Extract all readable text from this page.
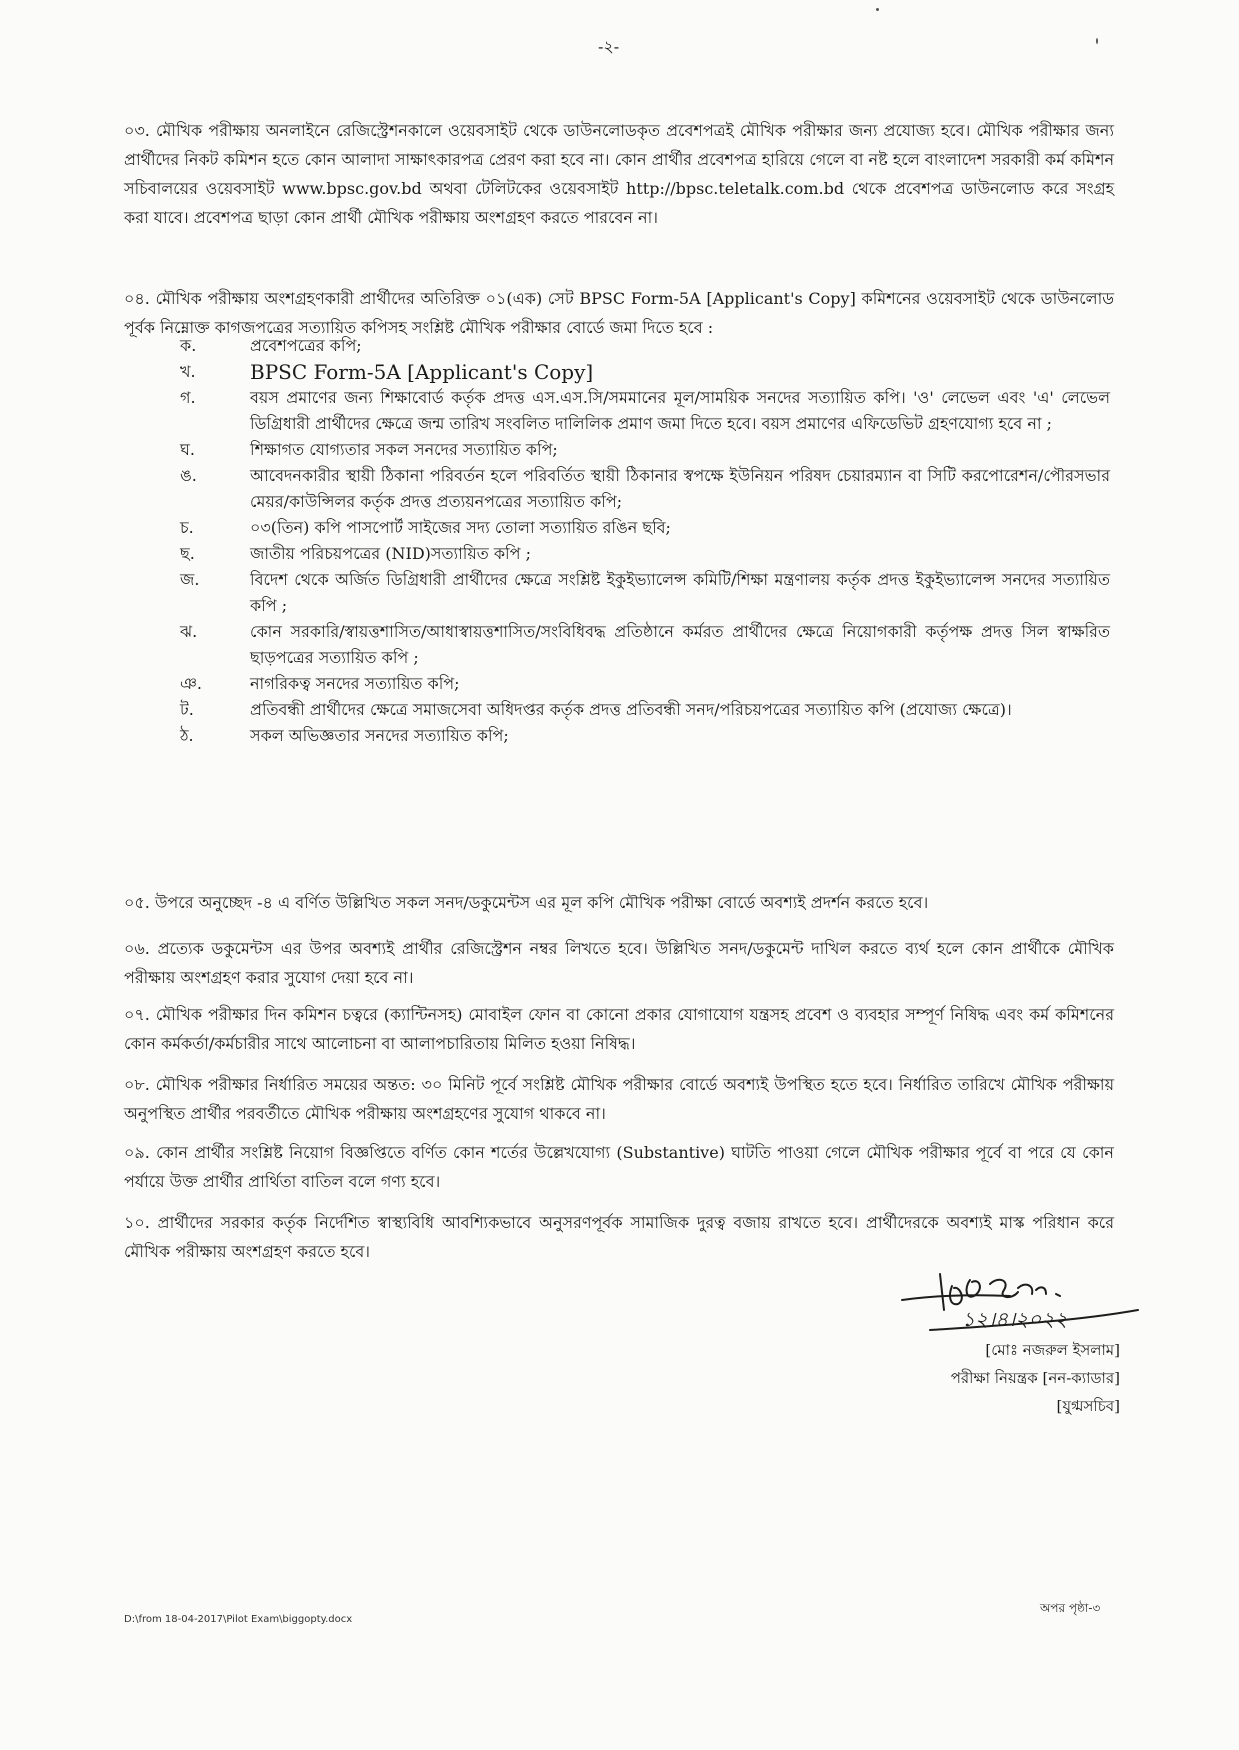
-২-

০৩. মৌখিক পরীক্ষায় অনলাইনে রেজিস্ট্রেশনকালে ওয়েবসাইট থেকে ডাউনলোডকৃত প্রবেশপত্রই মৌখিক পরীক্ষার জন্য প্রযোজ্য হবে। মৌখিক পরীক্ষার জন্য প্রার্থীদের নিকট কমিশন হতে কোন আলাদা সাক্ষাৎকারপত্র প্রেরণ করা হবে না। কোন প্রার্থীর প্রবেশপত্র হারিয়ে গেলে বা নষ্ট হলে বাংলাদেশ সরকারী কর্ম কমিশন সচিবালয়ের ওয়েবসাইট www.bpsc.gov.bd অথবা টেলিটকের ওয়েবসাইট http://bpsc.teletalk.com.bd থেকে প্রবেশপত্র ডাউনলোড করে সংগ্রহ করা যাবে। প্রবেশপত্র ছাড়া কোন প্রার্থী মৌখিক পরীক্ষায় অংশগ্রহণ করতে পারবেন না।

০৪. মৌখিক পরীক্ষায় অংশগ্রহণকারী প্রার্থীদের অতিরিক্ত ০১(এক) সেট BPSC Form-5A [Applicant's Copy] কমিশনের ওয়েবসাইট থেকে ডাউনলোড পূর্বক নিম্নোক্ত কাগজপত্রের সত্যায়িত কপিসহ সংশ্লিষ্ট মৌখিক পরীক্ষার বোর্ডে জমা দিতে হবে :

ক.	প্রবেশপত্রের কপি;
খ.	BPSC Form-5A [Applicant's Copy]
গ.	বয়স প্রমাণের জন্য শিক্ষাবোর্ড কর্তৃক প্রদত্ত এস.এস.সি/সমমানের মূল/সাময়িক সনদের সত্যায়িত কপি। 'ও' লেভেল এবং 'এ' লেভেল ডিগ্রিধারী প্রার্থীদের ক্ষেত্রে জন্ম তারিখ সংবলিত দালিলিক প্রমাণ জমা দিতে হবে। বয়স প্রমাণের এফিডেভিট গ্রহণযোগ্য হবে না ;
ঘ.	শিক্ষাগত যোগ্যতার সকল সনদের সত্যায়িত কপি;
ঙ.	আবেদনকারীর স্থায়ী ঠিকানা পরিবর্তন হলে পরিবর্তিত স্থায়ী ঠিকানার স্বপক্ষে ইউনিয়ন পরিষদ চেয়ারম্যান বা সিটি করপোরেশন/পৌরসভার মেয়র/কাউন্সিলর কর্তৃক প্রদত্ত প্রত্যয়নপত্রের সত্যায়িত কপি;
চ.	০৩(তিন) কপি পাসপোর্ট সাইজের সদ্য তোলা সত্যায়িত রঙিন ছবি;
ছ.	জাতীয় পরিচয়পত্রের (NID)সত্যায়িত কপি ;
জ.	বিদেশ থেকে অর্জিত ডিগ্রিধারী প্রার্থীদের ক্ষেত্রে সংশ্লিষ্ট ইকুইভ্যালেন্স কমিটি/শিক্ষা মন্ত্রণালয় কর্তৃক প্রদত্ত ইকুইভ্যালেন্স সনদের সত্যায়িত কপি ;
ঝ.	কোন সরকারি/স্বায়ত্তশাসিত/আধাস্বায়ত্তশাসিত/সংবিধিবদ্ধ প্রতিষ্ঠানে কর্মরত প্রার্থীদের ক্ষেত্রে নিয়োগকারী কর্তৃপক্ষ প্রদত্ত সিল স্বাক্ষরিত ছাড়পত্রের সত্যায়িত কপি ;
ঞ.	নাগরিকত্ব সনদের সত্যায়িত কপি;
ট.	প্রতিবন্ধী প্রার্থীদের ক্ষেত্রে সমাজসেবা অধিদপ্তর কর্তৃক প্রদত্ত প্রতিবন্ধী সনদ/পরিচয়পত্রের সত্যায়িত কপি (প্রযোজ্য ক্ষেত্রে)।
ঠ.	সকল অভিজ্ঞতার সনদের সত্যায়িত কপি;

০৫. উপরে অনুচ্ছেদ -৪ এ বর্ণিত উল্লিখিত সকল সনদ/ডকুমেন্টস এর মূল কপি মৌখিক পরীক্ষা বোর্ডে অবশ্যই প্রদর্শন করতে হবে।

০৬. প্রত্যেক ডকুমেন্টস এর উপর অবশ্যই প্রার্থীর রেজিস্ট্রেশন নম্বর লিখতে হবে। উল্লিখিত সনদ/ডকুমেন্ট দাখিল করতে ব্যর্থ হলে কোন প্রার্থীকে মৌখিক পরীক্ষায় অংশগ্রহণ করার সুযোগ দেয়া হবে না।

০৭. মৌখিক পরীক্ষার দিন কমিশন চত্বরে (ক্যান্টিনসহ) মোবাইল ফোন বা কোনো প্রকার যোগাযোগ যন্ত্রসহ প্রবেশ ও ব্যবহার সম্পূর্ণ নিষিদ্ধ এবং কর্ম কমিশনের কোন কর্মকর্তা/কর্মচারীর সাথে আলোচনা বা আলাপচারিতায় মিলিত হওয়া নিষিদ্ধ।

০৮. মৌখিক পরীক্ষার নির্ধারিত সময়ের অন্তত: ৩০ মিনিট পূর্বে সংশ্লিষ্ট মৌখিক পরীক্ষার বোর্ডে অবশ্যই উপস্থিত হতে হবে। নির্ধারিত তারিখে মৌখিক পরীক্ষায় অনুপস্থিত প্রার্থীর পরবর্তীতে মৌখিক পরীক্ষায় অংশগ্রহণের সুযোগ থাকবে না।

০৯. কোন প্রার্থীর সংশ্লিষ্ট নিয়োগ বিজ্ঞপ্তিতে বর্ণিত কোন শর্তের উল্লেখযোগ্য (Substantive) ঘাটতি পাওয়া গেলে মৌখিক পরীক্ষার পূর্বে বা পরে যে কোন পর্যায়ে উক্ত প্রার্থীর প্রার্থিতা বাতিল বলে গণ্য হবে।

১০. প্রার্থীদের সরকার কর্তৃক নির্দেশিত স্বাস্থ্যবিধি আবশ্যিকভাবে অনুসরণপূর্বক সামাজিক দুরত্ব বজায় রাখতে হবে। প্রার্থীদেরকে অবশ্যই মাস্ক পরিধান করে মৌখিক পরীক্ষায় অংশগ্রহণ করতে হবে।

১২।৪।২০২২
[মোঃ নজরুল ইসলাম]
পরীক্ষা নিয়ন্ত্রক [নন-ক্যাডার]
[যুগ্মসচিব]
D:\from 18-04-2017\Pilot Exam\biggopty.docx
অপর পৃষ্ঠা-৩
